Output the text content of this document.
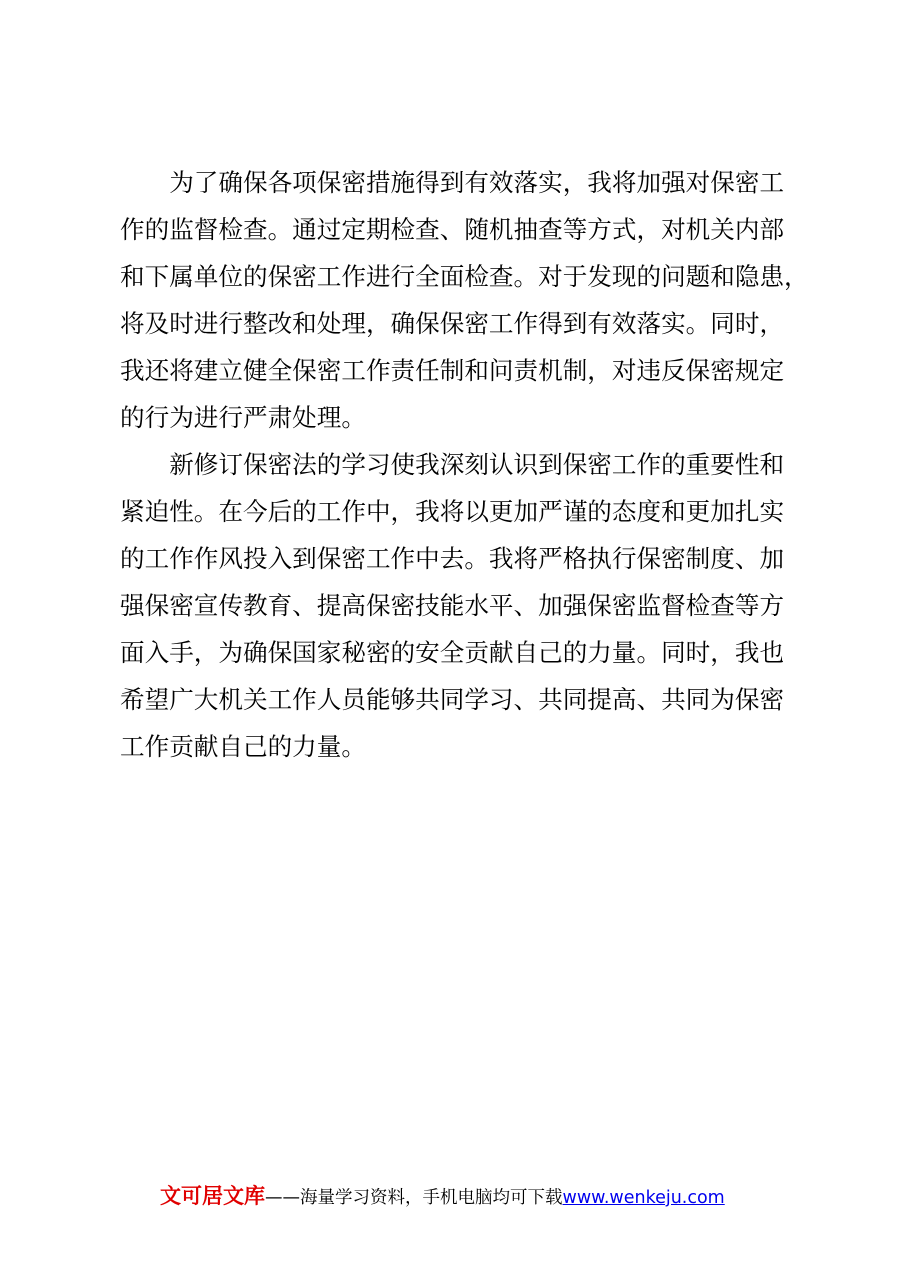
　　为了确保各项保密措施得到有效落实，我将加强对保密工
作的监督检查。通过定期检查、随机抽查等方式，对机关内部
和下属单位的保密工作进行全面检查。对于发现的问题和隐患，
将及时进行整改和处理，确保保密工作得到有效落实。同时，
我还将建立健全保密工作责任制和问责机制，对违反保密规定
的行为进行严肃处理。
　　新修订保密法的学习使我深刻认识到保密工作的重要性和
紧迫性。在今后的工作中，我将以更加严谨的态度和更加扎实
的工作作风投入到保密工作中去。我将严格执行保密制度、加
强保密宣传教育、提高保密技能水平、加强保密监督检查等方
面入手，为确保国家秘密的安全贡献自己的力量。同时，我也
希望广大机关工作人员能够共同学习、共同提高、共同为保密
工作贡献自己的力量。
文可居文库——海量学习资料，手机电脑均可下载www.wenkeju.com
